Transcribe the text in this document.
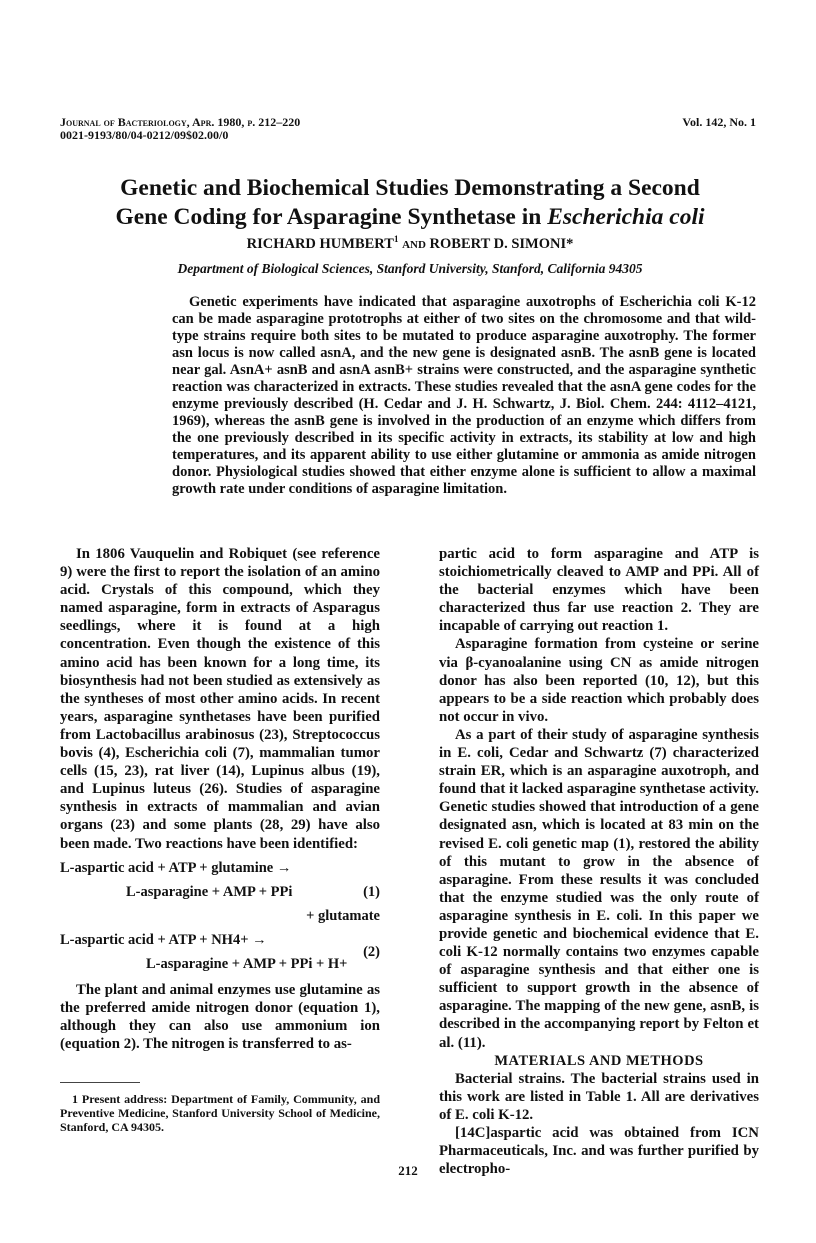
Journal of Bacteriology, Apr. 1980, p. 212–220
0021-9193/80/04-0212/09$02.00/0
Vol. 142, No. 1
Genetic and Biochemical Studies Demonstrating a Second
Gene Coding for Asparagine Synthetase in Escherichia coli
RICHARD HUMBERT$^1$ AND ROBERT D. SIMONI*
Department of Biological Sciences, Stanford University, Stanford, California 94305

Genetic experiments have indicated that asparagine auxotrophs of Escherichia coli K-12 can be made asparagine prototrophs at either of two sites on the chromosome and that wild-type strains require both sites to be mutated to produce asparagine auxotrophy. The former asn locus is now called asnA, and the new gene is designated asnB. The asnB gene is located near gal. AsnA+ asnB and asnA asnB+ strains were constructed, and the asparagine synthetic reaction was characterized in extracts. These studies revealed that the asnA gene codes for the enzyme previously described (H. Cedar and J. H. Schwartz, J. Biol. Chem. 244: 4112–4121, 1969), whereas the asnB gene is involved in the production of an enzyme which differs from the one previously described in its specific activity in extracts, its stability at low and high temperatures, and its apparent ability to use either glutamine or ammonia as amide nitrogen donor. Physiological studies showed that either enzyme alone is sufficient to allow a maximal growth rate under conditions of asparagine limitation.

In 1806 Vauquelin and Robiquet (see reference 9) were the first to report the isolation of an amino acid. Crystals of this compound, which they named asparagine, form in extracts of Asparagus seedlings, where it is found at a high concentration. Even though the existence of this amino acid has been known for a long time, its biosynthesis had not been studied as extensively as the syntheses of most other amino acids. In recent years, asparagine synthetases have been purified from Lactobacillus arabinosus (23), Streptococcus bovis (4), Escherichia coli (7), mammalian tumor cells (15, 23), rat liver (14), Lupinus albus (19), and Lupinus luteus (26). Studies of asparagine synthesis in extracts of mammalian and avian organs (23) and some plants (28, 29) have also been made. Two reactions have been identified:

L-aspartic acid + ATP + glutamine →
L-asparagine + AMP + PPi	(1)
+ glutamate
L-aspartic acid + ATP + NH4+ →
L-asparagine + AMP + PPi + H+
(2)

The plant and animal enzymes use glutamine as the preferred amide nitrogen donor (equation 1), although they can also use ammonium ion (equation 2). The nitrogen is transferred to as-

1 Present address: Department of Family, Community, and Preventive Medicine, Stanford University School of Medicine, Stanford, CA 94305.

partic acid to form asparagine and ATP is stoichiometrically cleaved to AMP and PPi. All of the bacterial enzymes which have been characterized thus far use reaction 2. They are incapable of carrying out reaction 1.

Asparagine formation from cysteine or serine via β-cyanoalanine using CN as amide nitrogen donor has also been reported (10, 12), but this appears to be a side reaction which probably does not occur in vivo.

As a part of their study of asparagine synthesis in E. coli, Cedar and Schwartz (7) characterized strain ER, which is an asparagine auxotroph, and found that it lacked asparagine synthetase activity. Genetic studies showed that introduction of a gene designated asn, which is located at 83 min on the revised E. coli genetic map (1), restored the ability of this mutant to grow in the absence of asparagine. From these results it was concluded that the enzyme studied was the only route of asparagine synthesis in E. coli. In this paper we provide genetic and biochemical evidence that E. coli K-12 normally contains two enzymes capable of asparagine synthesis and that either one is sufficient to support growth in the absence of asparagine. The mapping of the new gene, asnB, is described in the accompanying report by Felton et al. (11).

MATERIALS AND METHODS

Bacterial strains. The bacterial strains used in this work are listed in Table 1. All are derivatives of E. coli K-12.

[14C]aspartic acid was obtained from ICN Pharmaceuticals, Inc. and was further purified by electropho-

212
